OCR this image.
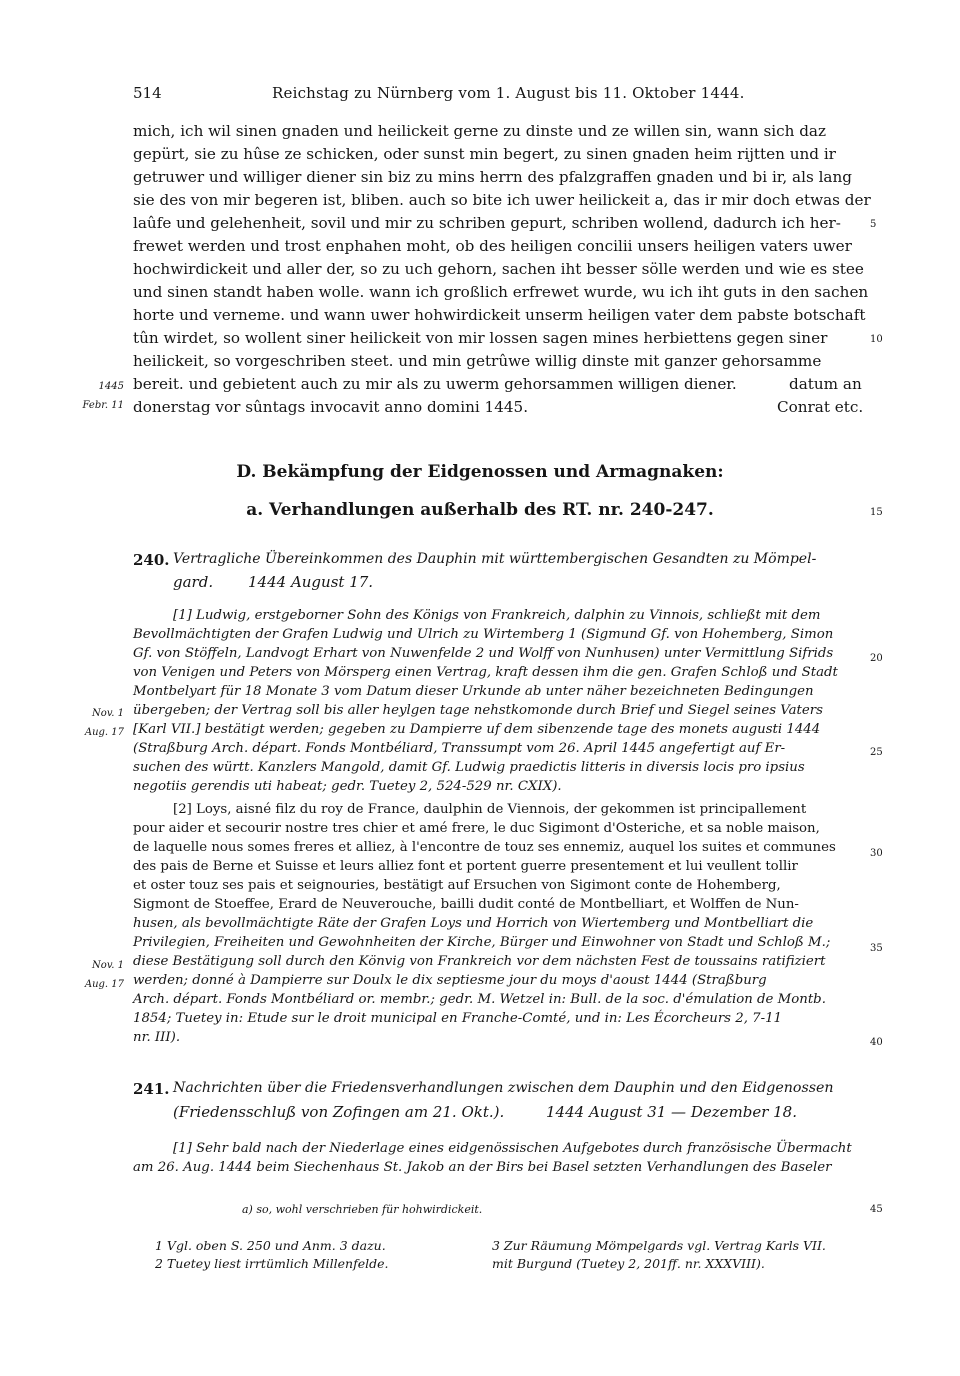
514	Reichstag zu Nürnberg vom 1. August bis 11. Oktober 1444.
mich, ich wil sinen gnaden und heilickeit gerne zu dinste und ze willen sin, wann sich daz
gepürt, sie zu hûse ze schicken, oder sunst min begert, zu sinen gnaden heim rijtten und ir
getruwer und williger diener sin biz zu mins herrn des pfalzgraffen gnaden und bi ir, als lang
sie des von mir begeren ist, bliben. auch so bite ich uwer heilickeit a, das ir mir doch etwas der
laûfe und gelehenheit, sovil und mir zu schriben gepurt, schriben wollend, dadurch ich her-
frewet werden und trost enphahen moht, ob des heiligen concilii unsers heiligen vaters uwer
hochwirdickeit und aller der, so zu uch gehorn, sachen iht besser sölle werden und wie es stee
und sinen standt haben wolle. wann ich großlich erfrewet wurde, wu ich iht guts in den sachen
horte und verneme. und wann uwer hohwirdickeit unserm heiligen vater dem pabste botschaft
tûn wirdet, so wollent siner heilickeit von mir lossen sagen mines herbiettens gegen siner
heilickeit, so vorgeschriben steet. und min getrûwe willig dinste mit ganzer gehorsamme
bereit. und gebietent auch zu mir als zu uwerm gehorsammen willigen diener.
donerstag vor sûntags invocavit anno domini 1445.
datum an
Conrat etc.
1445
Febr. 11
5
10
15
20
25
30
35
40
45
D. Bekämpfung der Eidgenossen und Armagnaken:
a. Verhandlungen außerhalb des RT. nr. 240-247.
240. Vertragliche Übereinkommen des Dauphin mit württembergischen Gesandten zu Mömpel-
gard. 1444 August 17.
[1] Ludwig, erstgeborner Sohn des Königs von Frankreich, dalphin zu Vinnois, schließt mit dem
Bevollmächtigten der Grafen Ludwig und Ulrich zu Wirtemberg 1 (Sigmund Gf. von Hohemberg, Simon
Gf. von Stöffeln, Landvogt Erhart von Nuwenfelde 2 und Wolff von Nunhusen) unter Vermittlung Sifrids
von Venigen und Peters von Mörsperg einen Vertrag, kraft dessen ihm die gen. Grafen Schloß und Stadt
Montbelyart für 18 Monate 3 vom Datum dieser Urkunde ab unter näher bezeichneten Bedingungen
übergeben; der Vertrag soll bis aller heylgen tage nehstkomonde durch Brief und Siegel seines Vaters
[Karl VII.] bestätigt werden; gegeben zu Dampierre uf dem sibenzende tage des monets augusti 1444
(Straßburg Arch. départ. Fonds Montbéliard, Transsumpt vom 26. April 1445 angefertigt auf Er-
suchen des württ. Kanzlers Mangold, damit Gf. Ludwig praedictis litteris in diversis locis pro ipsius
negotiis gerendis uti habeat; gedr. Tuetey 2, 524-529 nr. CXIX).
Nov. 1
Aug. 17
[2] Loys, aisné filz du roy de France, daulphin de Viennois, der gekommen ist principallement
pour aider et secourir nostre tres chier et amé frere, le duc Sigimont d'Osteriche, et sa noble maison,
de laquelle nous somes freres et alliez, à l'encontre de touz ses ennemiz, auquel los suites et communes
des pais de Berne et Suisse et leurs alliez font et portent guerre presentement et lui veullent tollir
et oster touz ses pais et seignouries, bestätigt auf Ersuchen von Sigimont conte de Hohemberg,
Sigmont de Stoeffee, Erard de Neuverouche, bailli dudit conté de Montbelliart, et Wolffen de Nun-
husen, als bevollmächtigte Räte der Grafen Loys und Horrich von Wiertemberg und Montbelliart die
Privilegien, Freiheiten und Gewohnheiten der Kirche, Bürger und Einwohner von Stadt und Schloß M.;
diese Bestätigung soll durch den Könvig von Frankreich vor dem nächsten Fest de toussains ratifiziert
werden; donné à Dampierre sur Doulx le dix septiesme jour du moys d'aoust 1444 (Straßburg
Arch. départ. Fonds Montbéliard or. membr.; gedr. M. Wetzel in: Bull. de la soc. d'émulation de Montb.
1854; Tuetey in: Etude sur le droit municipal en Franche-Comté, und in: Les Écorcheurs 2, 7-11
nr. III).
Nov. 1
Aug. 17
241. Nachrichten über die Friedensverhandlungen zwischen dem Dauphin und den Eidgenossen
(Friedensschluß von Zofingen am 21. Okt.).	1444 August 31 — Dezember 18.
[1] Sehr bald nach der Niederlage eines eidgenössischen Aufgebotes durch französische Übermacht
am 26. Aug. 1444 beim Siechenhaus St. Jakob an der Birs bei Basel setzten Verhandlungen des Baseler
a) so, wohl verschrieben für hohwirdickeit.
1 Vgl. oben S. 250 und Anm. 3 dazu.
2 Tuetey liest irrtümlich Millenfelde.
3 Zur Räumung Mömpelgards vgl. Vertrag Karls VII.
mit Burgund (Tuetey 2, 201ff. nr. XXXVIII).
